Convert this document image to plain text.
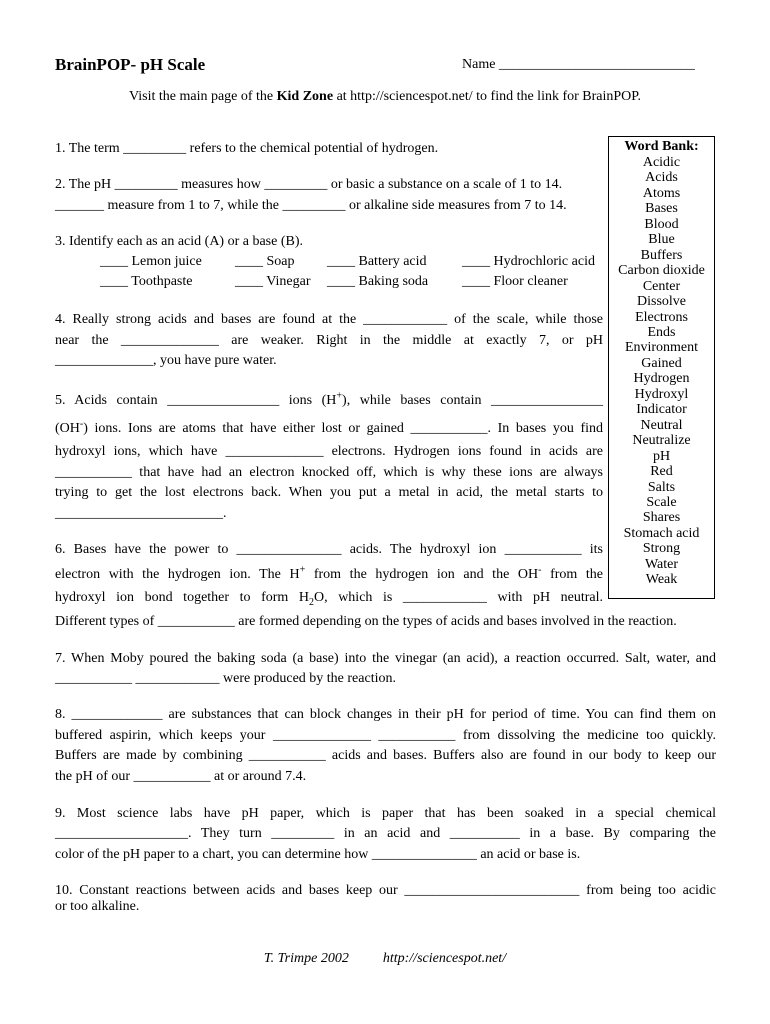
BrainPOP- pH Scale	Name ____________________________
Visit the main page of the Kid Zone at http://sciencespot.net/ to find the link for BrainPOP.
Word Bank:
Acidic
Acids
Atoms
Bases
Blood
Blue
Buffers
Carbon dioxide
Center
Dissolve
Electrons
Ends
Environment
Gained
Hydrogen
Hydroxyl
Indicator
Neutral
Neutralize
pH
Red
Salts
Scale
Shares
Stomach acid
Strong
Water
Weak
1. The term _________ refers to the chemical potential of hydrogen.
2. The pH _________ measures how _________ or basic a substance on a scale of 1 to 14.
_______ measure from 1 to 7, while the _________ or alkaline side measures from 7 to 14.
3. Identify each as an acid (A) or a base (B).
____ Lemon juice ____ Soap ____ Battery acid	____ Hydrochloric acid
____ Toothpaste	____ Vinegar ____ Baking soda ____ Floor cleaner
4. Really strong acids and bases are found at the ____________ of the scale, while those
near the ______________ are weaker. Right in the middle at exactly 7, or pH
______________, you have pure water.
5. Acids contain ________________ ions (H+), while bases contain ________________
(OH-) ions. Ions are atoms that have either lost or gained ___________. In bases you find
hydroxyl ions, which have ______________ electrons. Hydrogen ions found in acids are
___________ that have had an electron knocked off, which is why these ions are always
trying to get the lost electrons back. When you put a metal in acid, the metal starts to
________________________.
6. Bases have the power to _______________ acids. The hydroxyl ion ___________ its
electron with the hydrogen ion. The H+ from the hydrogen ion and the OH- from the
hydroxyl ion bond together to form $H_2O$, which is ____________ with pH neutral.
Different types of ___________ are formed depending on the types of acids and bases involved in the reaction.
7. When Moby poured the baking soda (a base) into the vinegar (an acid), a reaction occurred. Salt, water, and
___________ ____________ were produced by the reaction.
8. _____________ are substances that can block changes in their pH for period of time. You can find them on
buffered aspirin, which keeps your ______________ ___________ from dissolving the medicine too quickly.
Buffers are made by combining ___________ acids and bases. Buffers also are found in our body to keep our
the pH of our ___________ at or around 7.4.
9. Most science labs have pH paper, which is paper that has been soaked in a special chemical
___________________. They turn _________ in an acid and __________ in a base. By comparing the
color of the pH paper to a chart, you can determine how _______________ an acid or base is.
10. Constant reactions between acids and bases keep our _________________________ from being too acidic
or too alkaline.
T. Trimpe 2002 http://sciencespot.net/
